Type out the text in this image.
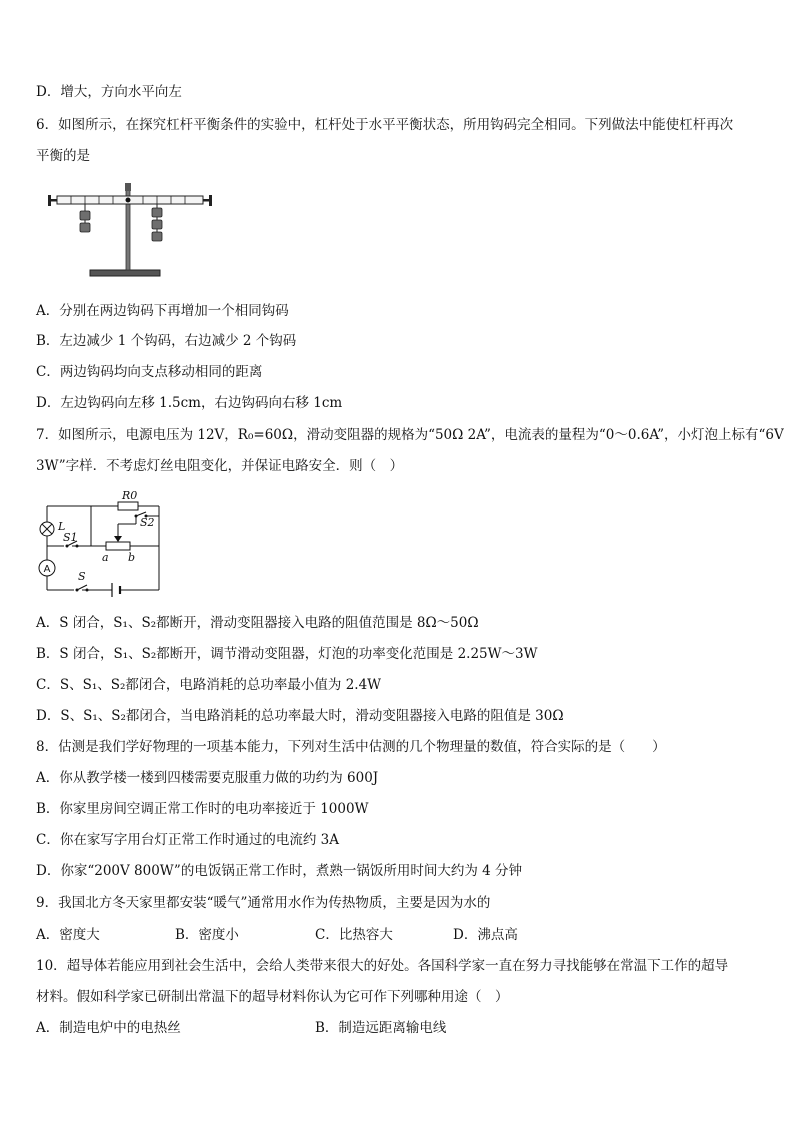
D．增大，方向水平向左
6．如图所示，在探究杠杆平衡条件的实验中，杠杆处于水平平衡状态，所用钩码完全相同。下列做法中能使杠杆再次
平衡的是
A．分别在两边钩码下再增加一个相同钩码
B．左边减少 1 个钩码，右边减少 2 个钩码
C．两边钩码均向支点移动相同的距离
D．左边钩码向左移 1.5cm，右边钩码向右移 1cm
7．如图所示，电源电压为 12V，R₀=60Ω，滑动变阻器的规格为“50Ω 2A”，电流表的量程为“0～0.6A”，小灯泡上标有“6V
3W”字样．不考虑灯丝电阻变化，并保证电路安全．则（　）
A
R0
S2
L
S1
a b
S
A．S 闭合，S₁、S₂都断开，滑动变阻器接入电路的阻值范围是 8Ω～50Ω
B．S 闭合，S₁、S₂都断开，调节滑动变阻器，灯泡的功率变化范围是 2.25W～3W
C．S、S₁、S₂都闭合，电路消耗的总功率最小值为 2.4W
D．S、S₁、S₂都闭合，当电路消耗的总功率最大时，滑动变阻器接入电路的阻值是 30Ω
8．估测是我们学好物理的一项基本能力，下列对生活中估测的几个物理量的数值，符合实际的是（　　）
A．你从教学楼一楼到四楼需要克服重力做的功约为 600J
B．你家里房间空调正常工作时的电功率接近于 1000W
C．你在家写字用台灯正常工作时通过的电流约 3A
D．你家“200V 800W”的电饭锅正常工作时，煮熟一锅饭所用时间大约为 4 分钟
9．我国北方冬天家里都安装“暖气”通常用水作为传热物质，主要是因为水的
A．密度大	B．密度小	C．比热容大	D．沸点高
10．超导体若能应用到社会生活中，会给人类带来很大的好处。各国科学家一直在努力寻找能够在常温下工作的超导
材料。假如科学家已研制出常温下的超导材料你认为它可作下列哪种用途（　）
A．制造电炉中的电热丝	B．制造远距离输电线
